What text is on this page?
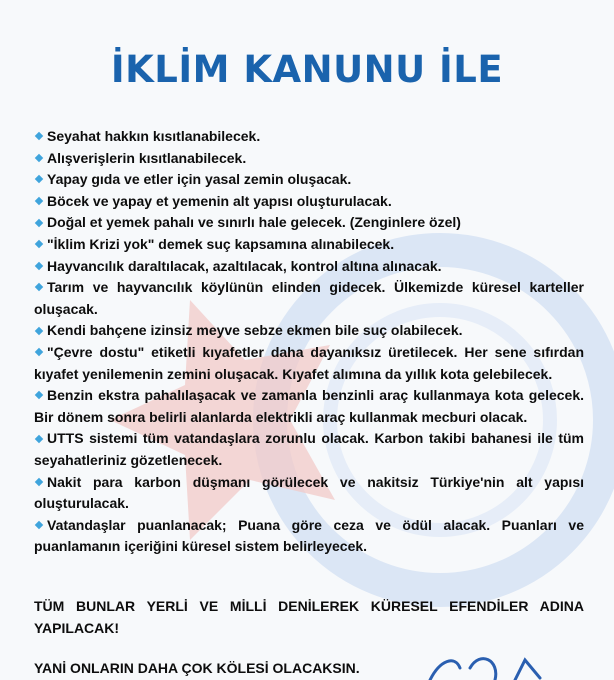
İKLİM KANUNU İLE
Seyahat hakkın kısıtlanabilecek.
Alışverişlerin kısıtlanabilecek.
Yapay gıda ve etler için yasal zemin oluşacak.
Böcek ve yapay et yemenin alt yapısı oluşturulacak.
Doğal et yemek pahalı ve sınırlı hale gelecek. (Zenginlere özel)
"İklim Krizi yok" demek suç kapsamına alınabilecek.
Hayvancılık daraltılacak, azaltılacak, kontrol altına alınacak.
Tarım ve hayvancılık köylünün elinden gidecek. Ülkemizde küresel karteller oluşacak.
Kendi bahçene izinsiz meyve sebze ekmen bile suç olabilecek.
"Çevre dostu" etiketli kıyafetler daha dayanıksız üretilecek. Her sene sıfırdan kıyafet yenilemenin zemini oluşacak. Kıyafet alımına da yıllık kota gelebilecek.
Benzin ekstra pahalılaşacak ve zamanla benzinli araç kullanmaya kota gelecek. Bir dönem sonra belirli alanlarda elektrikli araç kullanmak mecburi olacak.
UTTS sistemi tüm vatandaşlara zorunlu olacak. Karbon takibi bahanesi ile tüm seyahatleriniz gözetlenecek.
Nakit para karbon düşmanı görülecek ve nakitsiz Türkiye'nin alt yapısı oluşturulacak.
Vatandaşlar puanlanacak; Puana göre ceza ve ödül alacak. Puanları ve puanlamanın içeriğini küresel sistem belirleyecek.
TÜM BUNLAR YERLİ VE MİLLİ DENİLEREK KÜRESEL EFENDİLER ADINA YAPILACAK!
YANİ ONLARIN DAHA ÇOK KÖLESİ OLACAKSIN.
